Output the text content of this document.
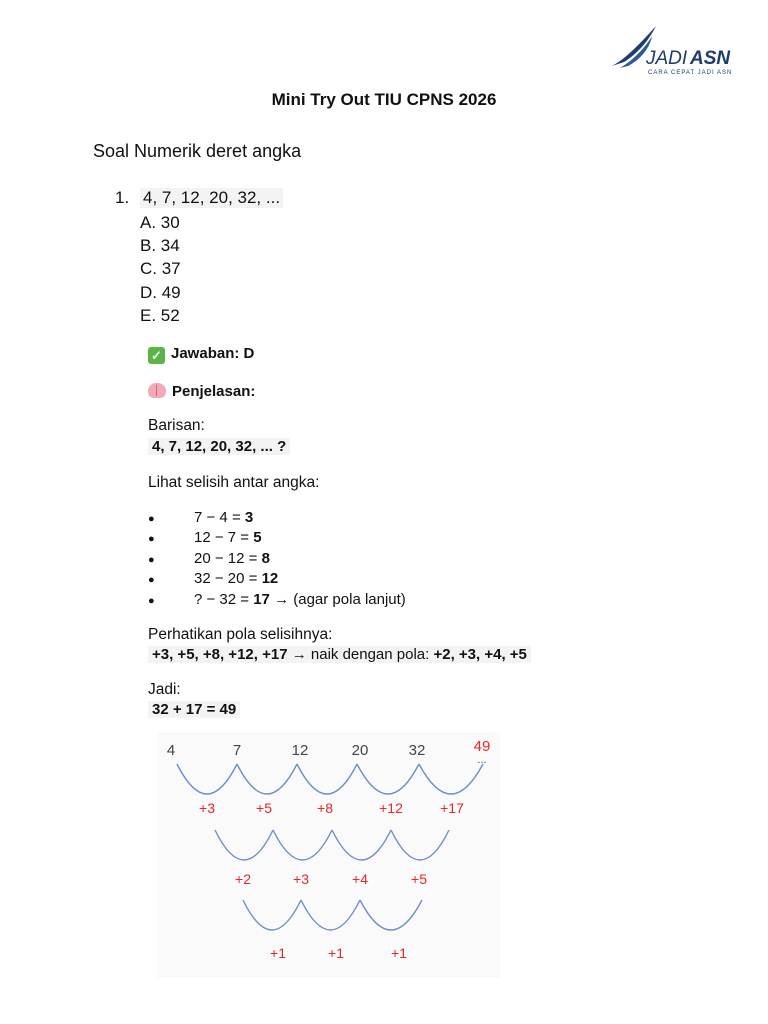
JADI ASN
CARA CEPAT JADI ASN
Mini Try Out TIU CPNS 2026
Soal Numerik deret angka
1. 4, 7, 12, 20, 32, ...
A. 30
B. 34
C. 37
D. 49
E. 52
✓ Jawaban: D
Penjelasan:
Barisan:
4, 7, 12, 20, 32, ... ?
Lihat selisih antar angka:
●	7 − 4 = 3
●	12 − 7 = 5
●	20 − 12 = 8
●	32 − 20 = 12
●	? − 32 = 17 → (agar pola lanjut)
Perhatikan pola selisihnya:
+3, +5, +8, +12, +17 → naik dengan pola: +2, +3, +4, +5
Jadi:
32 + 17 = 49
4	7	12	20	32	49
...
+3	+5	+8	+12	+17
+2	+3	+4	+5
+1	+1	+1
